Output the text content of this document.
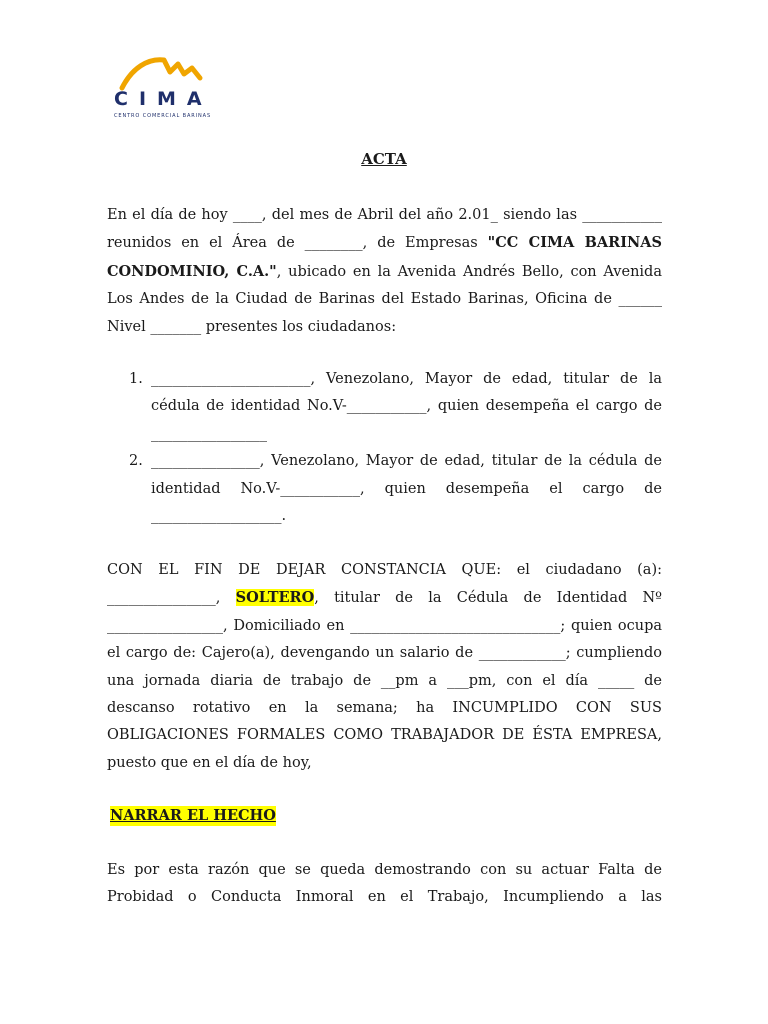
CIMA
CENTRO COMERCIAL BARINAS
ACTA
En el día de hoy ____, del mes de Abril del año 2.01_ siendo las ___________ reunidos en el Área de ________, de Empresas "CC CIMA BARINAS CONDOMINIO, C.A.", ubicado en la Avenida Andrés Bello, con Avenida Los Andes de la Ciudad de Barinas del Estado Barinas, Oficina de ______ Nivel _______ presentes los ciudadanos:
1. ______________________, Venezolano, Mayor de edad, titular de la cédula de identidad No.V-___________, quien desempeña el cargo de ________________
2. _______________, Venezolano, Mayor de edad, titular de la cédula de identidad No.V-___________, quien desempeña el cargo de __________________.
CON EL FIN DE DEJAR CONSTANCIA QUE: el ciudadano (a): _______________, SOLTERO, titular de la Cédula de Identidad Nº ________________, Domiciliado en _____________________________; quien ocupa el cargo de: Cajero(a), devengando un salario de ____________; cumpliendo una jornada diaria de trabajo de __pm a ___pm, con el día _____ de descanso rotativo en la semana; ha INCUMPLIDO CON SUS OBLIGACIONES FORMALES COMO TRABAJADOR DE ÉSTA EMPRESA, puesto que en el día de hoy,
NARRAR EL HECHO
Es por esta razón que se queda demostrando con su actuar Falta de Probidad o Conducta Inmoral en el Trabajo, Incumpliendo a las
